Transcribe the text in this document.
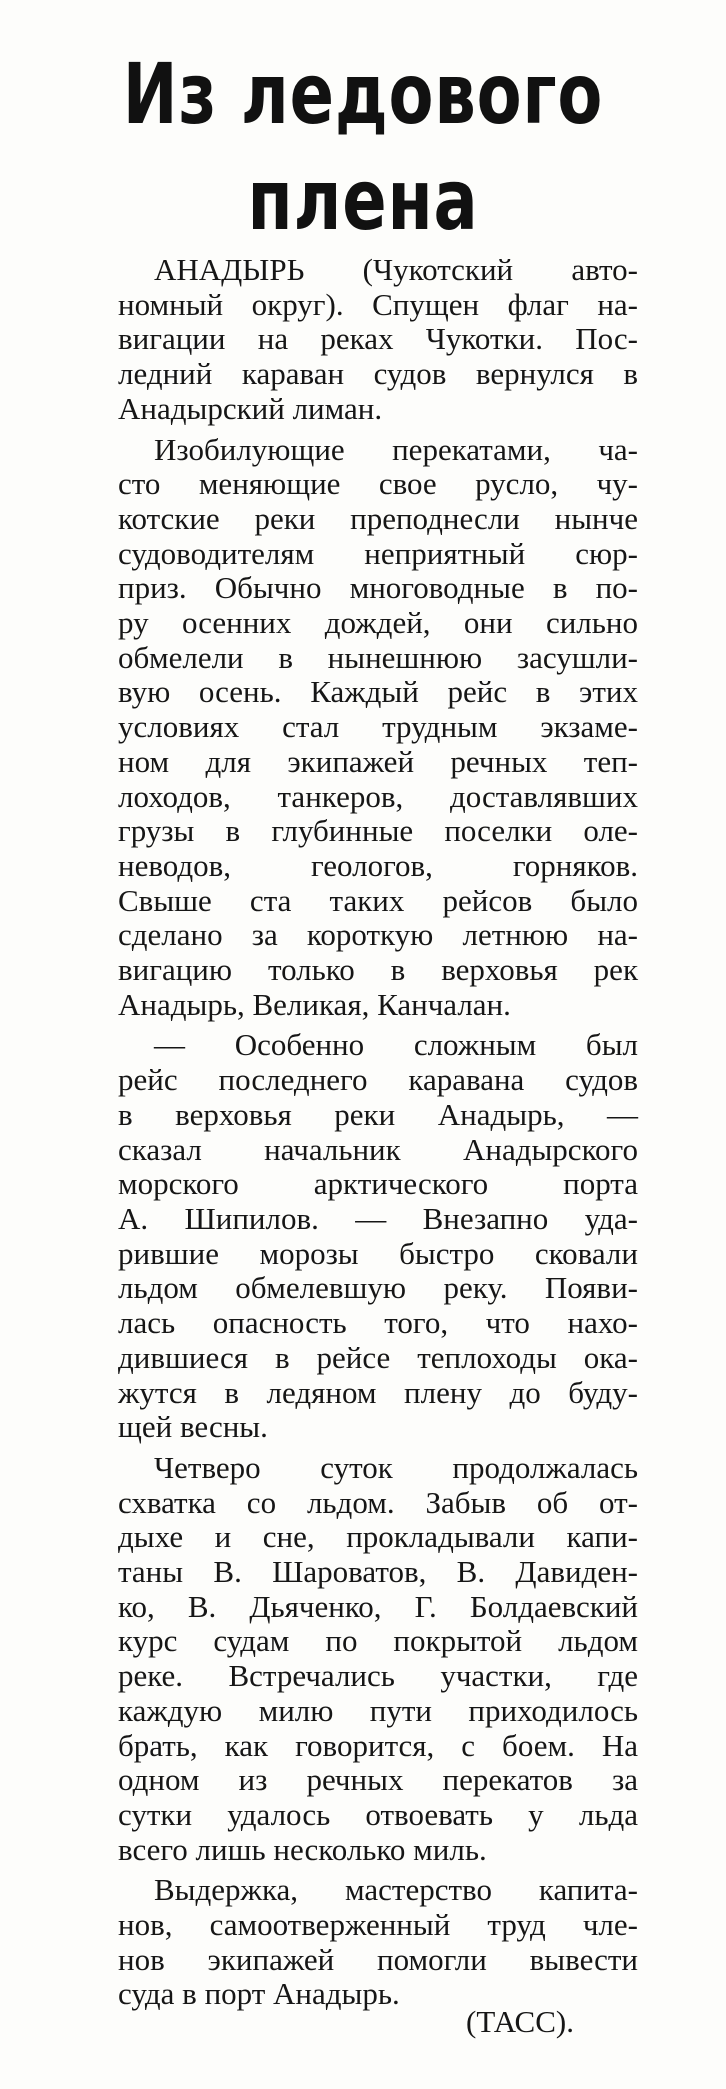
Из ледового
плена

АНАДЫРЬ (Чукотский авто-
номный округ). Спущен флаг на-
вигации на реках Чукотки. Пос-
ледний караван судов вернулся в
Анадырский лиман.

Изобилующие перекатами, ча-
сто меняющие свое русло, чу-
котские реки преподнесли нынче
судоводителям неприятный сюр-
приз. Обычно многоводные в по-
ру осенних дождей, они сильно
обмелели в нынешнюю засушли-
вую осень. Каждый рейс в этих
условиях стал трудным экзаме-
ном для экипажей речных теп-
лоходов, танкеров, доставлявших
грузы в глубинные поселки оле-
неводов, геологов, горняков.
Свыше ста таких рейсов было
сделано за короткую летнюю на-
вигацию только в верховья рек
Анадырь, Великая, Канчалан.

— Особенно сложным был
рейс последнего каравана судов
в верховья реки Анадырь, —
сказал начальник Анадырского
морского арктического порта
А. Шипилов. — Внезапно уда-
рившие морозы быстро сковали
льдом обмелевшую реку. Появи-
лась опасность того, что нахо-
дившиеся в рейсе теплоходы ока-
жутся в ледяном плену до буду-
щей весны.

Четверо суток продолжалась
схватка со льдом. Забыв об от-
дыхе и сне, прокладывали капи-
таны В. Шароватов, В. Давиден-
ко, В. Дьяченко, Г. Болдаевский
курс судам по покрытой льдом
реке. Встречались участки, где
каждую милю пути приходилось
брать, как говорится, с боем. На
одном из речных перекатов за
сутки удалось отвоевать у льда
всего лишь несколько миль.

Выдержка, мастерство капита-
нов, самоотверженный труд чле-
нов экипажей помогли вывести
суда в порт Анадырь.

(ТАСС).
